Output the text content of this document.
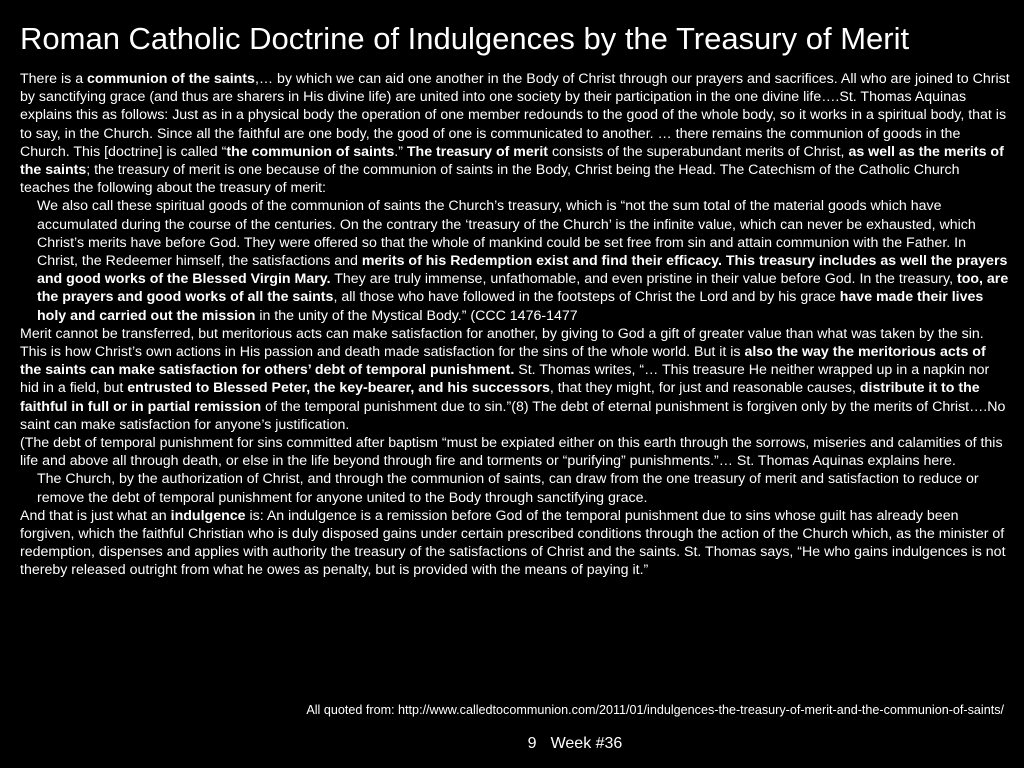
Roman Catholic Doctrine of Indulgences by the Treasury of Merit

There is a communion of the saints,… by which we can aid one another in the Body of Christ through our prayers and sacrifices. All who are joined to Christ by sanctifying grace (and thus are sharers in His divine life) are united into one society by their participation in the one divine life….St. Thomas Aquinas explains this as follows: Just as in a physical body the operation of one member redounds to the good of the whole body, so it works in a spiritual body, that is to say, in the Church. Since all the faithful are one body, the good of one is communicated to another. … there remains the communion of goods in the Church. This [doctrine] is called “the communion of saints.” The treasury of merit consists of the superabundant merits of Christ, as well as the merits of the saints; the treasury of merit is one because of the communion of saints in the Body, Christ being the Head. The Catechism of the Catholic Church teaches the following about the treasury of merit:

We also call these spiritual goods of the communion of saints the Church’s treasury, which is “not the sum total of the material goods which have accumulated during the course of the centuries. On the contrary the ‘treasury of the Church’ is the infinite value, which can never be exhausted, which Christ’s merits have before God. They were offered so that the whole of mankind could be set free from sin and attain communion with the Father. In Christ, the Redeemer himself, the satisfactions and merits of his Redemption exist and find their efficacy. This treasury includes as well the prayers and good works of the Blessed Virgin Mary. They are truly immense, unfathomable, and even pristine in their value before God. In the treasury, too, are the prayers and good works of all the saints, all those who have followed in the footsteps of Christ the Lord and by his grace have made their lives holy and carried out the mission in the unity of the Mystical Body.” (CCC 1476-1477

Merit cannot be transferred, but meritorious acts can make satisfaction for another, by giving to God a gift of greater value than what was taken by the sin. This is how Christ’s own actions in His passion and death made satisfaction for the sins of the whole world. But it is also the way the meritorious acts of the saints can make satisfaction for others’ debt of temporal punishment. St. Thomas writes, “… This treasure He neither wrapped up in a napkin nor hid in a field, but entrusted to Blessed Peter, the key-bearer, and his successors, that they might, for just and reasonable causes, distribute it to the faithful in full or in partial remission of the temporal punishment due to sin.”(8) The debt of eternal punishment is forgiven only by the merits of Christ….No saint can make satisfaction for anyone’s justification.

(The debt of temporal punishment for sins committed after baptism “must be expiated either on this earth through the sorrows, miseries and calamities of this life and above all through death, or else in the life beyond through fire and torments or “purifying” punishments.”… St. Thomas Aquinas explains here.

The Church, by the authorization of Christ, and through the communion of saints, can draw from the one treasury of merit and satisfaction to reduce or remove the debt of temporal punishment for anyone united to the Body through sanctifying grace.

And that is just what an indulgence is: An indulgence is a remission before God of the temporal punishment due to sins whose guilt has already been forgiven, which the faithful Christian who is duly disposed gains under certain prescribed conditions through the action of the Church which, as the minister of redemption, dispenses and applies with authority the treasury of the satisfactions of Christ and the saints. St. Thomas says, “He who gains indulgences is not thereby released outright from what he owes as penalty, but is provided with the means of paying it.”

All quoted from: http://www.calledtocommunion.com/2011/01/indulgences-the-treasury-of-merit-and-the-communion-of-saints/
9 Week #36
